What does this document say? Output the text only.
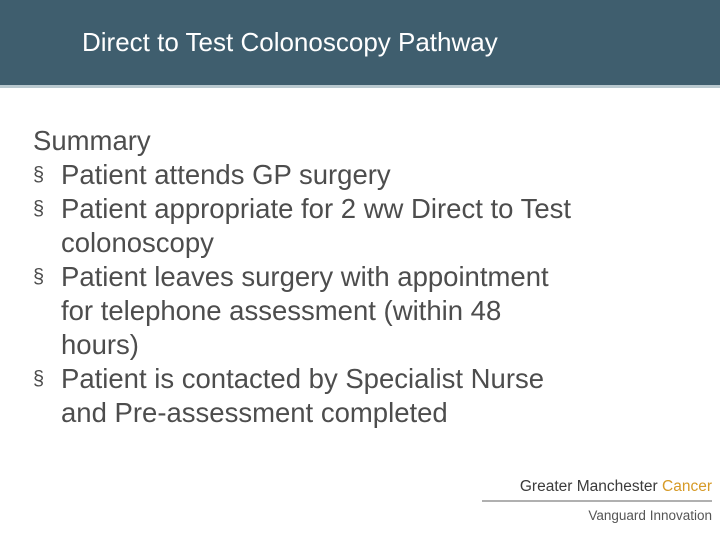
Direct to Test Colonoscopy Pathway
Summary
§ Patient attends GP surgery
§ Patient appropriate for 2 ww Direct to Test
colonoscopy
§ Patient leaves surgery with appointment
for telephone assessment (within 48
hours)
§ Patient is contacted by Specialist Nurse
and Pre-assessment completed
Greater Manchester Cancer
Vanguard Innovation
